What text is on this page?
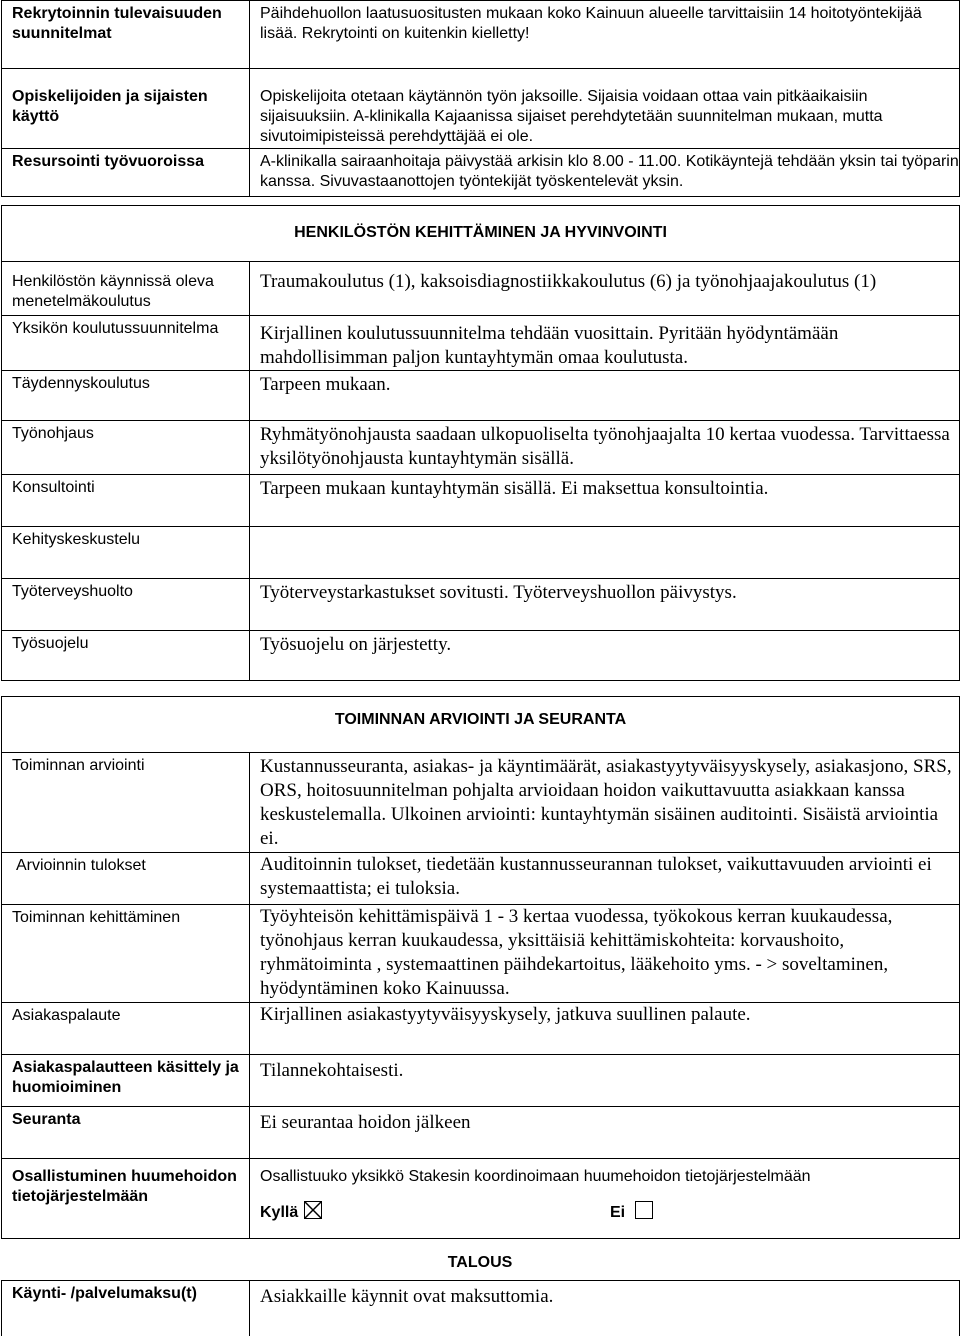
Rekrytoinnin tulevaisuuden suunnitelmat	Päihdehuollon laatusuositusten mukaan koko Kainuun alueelle tarvittaisiin 14 hoitotyöntekijää lisää. Rekrytointi on kuitenkin kielletty!
Opiskelijoiden ja sijaisten käyttö	Opiskelijoita otetaan käytännön työn jaksoille. Sijaisia voidaan ottaa vain pitkäaikaisiin sijaisuuksiin. A-klinikalla Kajaanissa sijaiset perehdytetään suunnitelman mukaan, mutta sivutoimipisteissä perehdyttäjää ei ole.
Resursointi työvuoroissa	A-klinikalla sairaanhoitaja päivystää arkisin klo 8.00 - 11.00. Kotikäyntejä tehdään yksin tai työparin kanssa. Sivuvastaanottojen työntekijät työskentelevät yksin.
HENKILÖSTÖN KEHITTÄMINEN JA HYVINVOINTI	
Henkilöstön käynnissä oleva menetelmäkoulutus	Traumakoulutus (1), kaksoisdiagnostiikkakoulutus (6) ja työnohjaajakoulutus (1)
Yksikön koulutussuunnitelma	Kirjallinen koulutussuunnitelma tehdään vuosittain. Pyritään hyödyntämään mahdollisimman paljon kuntayhtymän omaa koulutusta.
Täydennyskoulutus	Tarpeen mukaan.
Työnohjaus	Ryhmätyönohjausta saadaan ulkopuoliselta työnohjaajalta 10 kertaa vuodessa. Tarvittaessa yksilötyönohjausta kuntayhtymän sisällä.
Konsultointi	Tarpeen mukaan kuntayhtymän sisällä. Ei maksettua konsultointia.
Kehityskeskustelu	
Työterveyshuolto	Työterveystarkastukset sovitusti. Työterveyshuollon päivystys.
Työsuojelu	Työsuojelu on järjestetty.
TOIMINNAN ARVIOINTI JA SEURANTA	
Toiminnan arviointi	Kustannusseuranta, asiakas- ja käyntimäärät, asiakastyytyväisyyskysely, asiakasjono, SRS, ORS, hoitosuunnitelman pohjalta arvioidaan hoidon vaikuttavuutta asiakkaan kanssa keskustelemalla. Ulkoinen arviointi: kuntayhtymän sisäinen auditointi. Sisäistä arviointia ei.
Arvioinnin tulokset	Auditoinnin tulokset, tiedetään kustannusseurannan tulokset, vaikuttavuuden arviointi ei systemaattista; ei tuloksia.
Toiminnan kehittäminen	Työyhteisön kehittämispäivä 1 - 3 kertaa vuodessa, työkokous kerran kuukaudessa, työnohjaus kerran kuukaudessa, yksittäisiä kehittämiskohteita: korvaushoito, ryhmätoiminta , systemaattinen päihdekartoitus, lääkehoito yms. - > soveltaminen, hyödyntäminen koko Kainuussa.
Asiakaspalaute	Kirjallinen asiakastyytyväisyyskysely, jatkuva suullinen palaute.
Asiakaspalautteen käsittely ja huomioiminen	Tilannekohtaisesti.
Seuranta	Ei seurantaa hoidon jälkeen
Osallistuminen huumehoidon tietojärjestelmään	Osallistuuko yksikkö Stakesin koordinoimaan huumehoidon tietojärjestelmään
Kyllä Ei
TALOUS
Käynti- /palvelumaksu(t)	Asiakkaille käynnit ovat maksuttomia.
